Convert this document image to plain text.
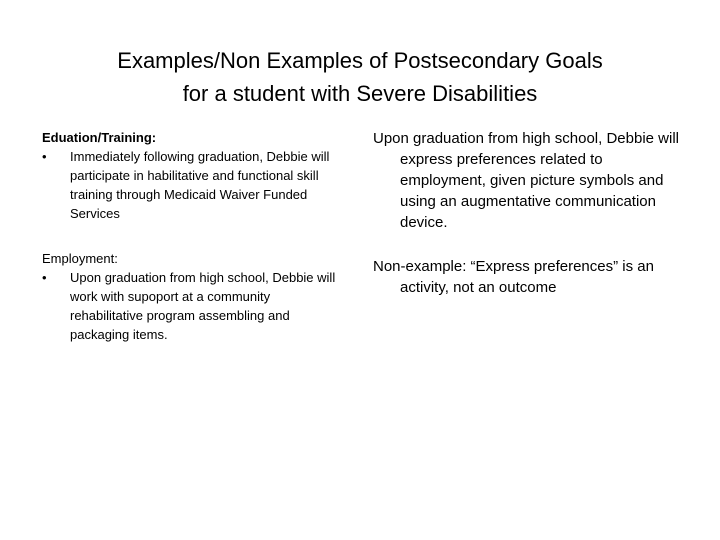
Examples/Non Examples of Postsecondary Goals
for a student with Severe Disabilities

Eduation/Training:

• Immediately following graduation, Debbie will participate in habilitative and functional skill training through Medicaid Waiver Funded Services

Employment:

• Upon graduation from high school, Debbie will work with supoport at a community rehabilitative program assembling and packaging items.

Upon graduation from high school, Debbie will express preferences related to employment, given picture symbols and using an augmentative communication device.

Non-example: “Express preferences” is an activity, not an outcome
